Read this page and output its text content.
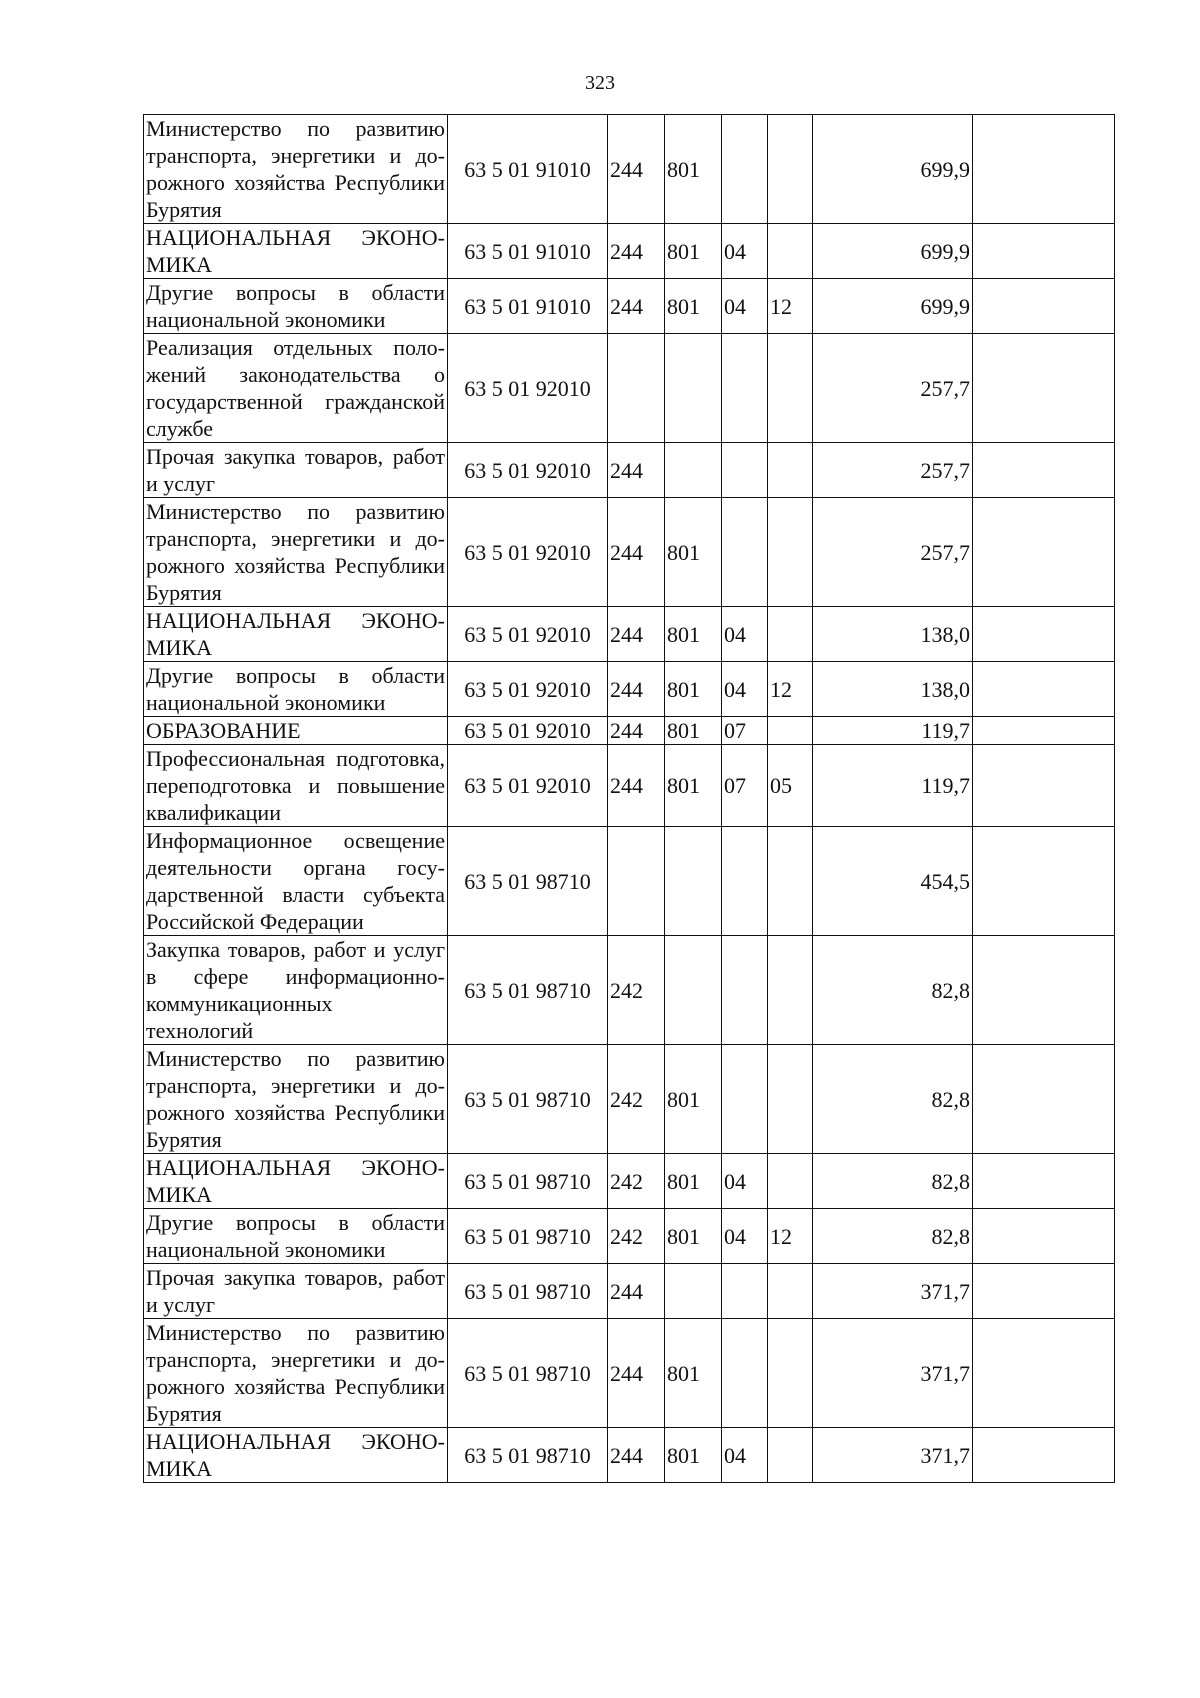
323
Министерство по развитию транспорта, энергетики и дорожного хозяйства Республики Бурятия	63 5 01 91010	244	801			699,9	
НАЦИОНАЛЬНАЯ ЭКОНОМИКА	63 5 01 91010	244	801	04		699,9	
Другие вопросы в области национальной экономики	63 5 01 91010	244	801	04	12	699,9	
Реализация отдельных положений законодательства о государственной гражданской службе	63 5 01 92010					257,7	
Прочая закупка товаров, работ и услуг	63 5 01 92010	244				257,7	
Министерство по развитию транспорта, энергетики и дорожного хозяйства Республики Бурятия	63 5 01 92010	244	801			257,7	
НАЦИОНАЛЬНАЯ ЭКОНОМИКА	63 5 01 92010	244	801	04		138,0	
Другие вопросы в области национальной экономики	63 5 01 92010	244	801	04	12	138,0	
ОБРАЗОВАНИЕ	63 5 01 92010	244	801	07		119,7	
Профессиональная подготовка, переподготовка и повышение квалификации	63 5 01 92010	244	801	07	05	119,7	
Информационное освещение деятельности органа государственной власти субъекта Российской Федерации	63 5 01 98710					454,5	
Закупка товаров, работ и услуг в сфере информационно-коммуникационных технологий	63 5 01 98710	242				82,8	
Министерство по развитию транспорта, энергетики и дорожного хозяйства Республики Бурятия	63 5 01 98710	242	801			82,8	
НАЦИОНАЛЬНАЯ ЭКОНОМИКА	63 5 01 98710	242	801	04		82,8	
Другие вопросы в области национальной экономики	63 5 01 98710	242	801	04	12	82,8	
Прочая закупка товаров, работ и услуг	63 5 01 98710	244				371,7	
Министерство по развитию транспорта, энергетики и дорожного хозяйства Республики Бурятия	63 5 01 98710	244	801			371,7	
НАЦИОНАЛЬНАЯ ЭКОНОМИКА	63 5 01 98710	244	801	04		371,7	
